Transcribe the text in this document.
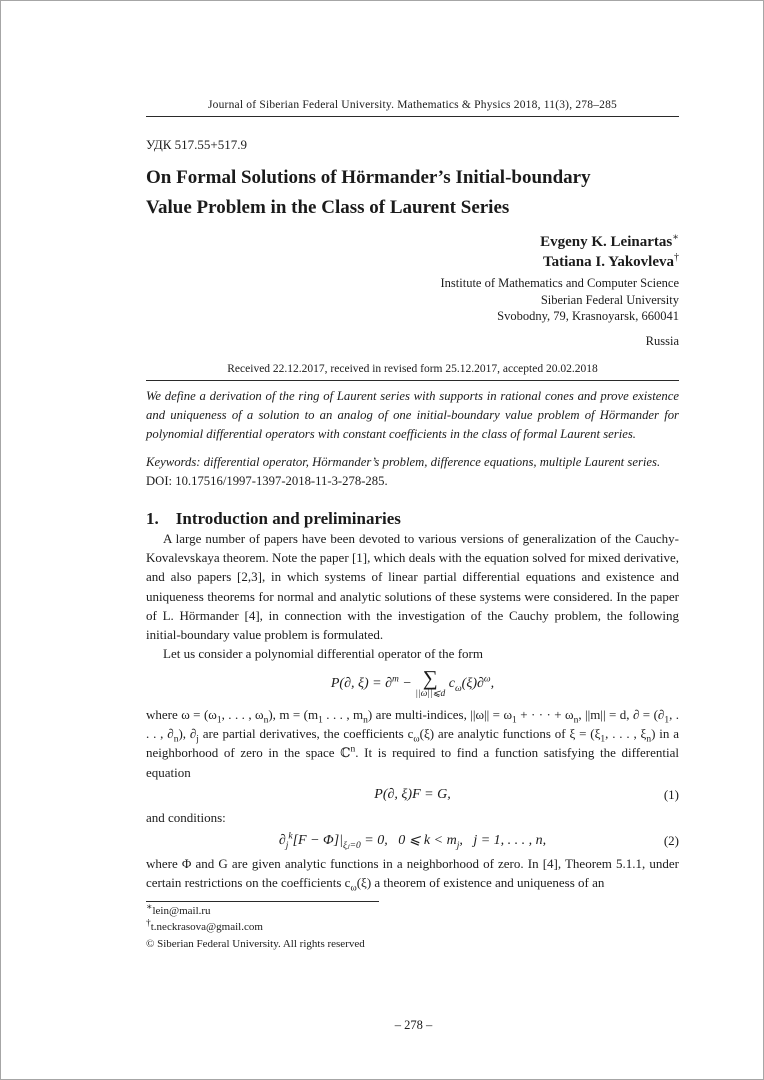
Journal of Siberian Federal University. Mathematics & Physics 2018, 11(3), 278–285
УДК 517.55+517.9
On Formal Solutions of Hörmander’s Initial-boundary
Value Problem in the Class of Laurent Series
Evgeny K. Leinartas∗
Tatiana I. Yakovleva†
Institute of Mathematics and Computer Science
Siberian Federal University
Svobodny, 79, Krasnoyarsk, 660041
Russia
Received 22.12.2017, received in revised form 25.12.2017, accepted 20.02.2018
We define a derivation of the ring of Laurent series with supports in rational cones and prove existence and uniqueness of a solution to an analog of one initial-boundary value problem of Hörmander for polynomial differential operators with constant coefficients in the class of formal Laurent series.
Keywords: differential operator, Hörmander’s problem, difference equations, multiple Laurent series.
DOI: 10.17516/1997-1397-2018-11-3-278-285.
1. Introduction and preliminaries

A large number of papers have been devoted to various versions of generalization of the Cauchy-Kovalevskaya theorem. Note the paper [1], which deals with the equation solved for mixed derivative, and also papers [2,3], in which systems of linear partial differential equations and existence and uniqueness theorems for normal and analytic solutions of these systems were considered. In the paper of L. Hörmander [4], in connection with the investigation of the Cauchy problem, the following initial-boundary value problem is formulated.

Let us consider a polynomial differential operator of the form

P(∂, ξ) = ∂$^m$ − ∑
||ω||⩽d
$c_\omega(\xi)\partial^\omega$,

where $\omega = (\omega_1$, . . . , $\omega_n$), $m = (m_1$ . . . , $m_n$) are multi-indices, $||\omega|| = \omega_1$ + · · · + $\omega_n$, ||m|| = d, ∂ = ($\partial_1$, . . . , $\partial_n$), $\partial_j$ are partial derivatives, the coefficients $c_\omega(\xi)$ are analytic functions of $\xi = (\xi_1$, . . . , $\xi_n$) in a neighborhood of zero in the space ℂ$^n$. It is required to find a function satisfying the differential equation

P(∂, ξ)F = G,	(1)

and conditions:

$\partial_j^k[F - \Phi]|_{\xi ⱼ=0} = 0$,  0 ⩽ $k < m_j$,  j = 1, . . . , n,	(2)

where Φ and G are given analytic functions in a neighborhood of zero. In [4], Theorem 5.1.1, under certain restrictions on the coefficients $c_\omega(\xi)$ a theorem of existence and uniqueness of an

∗lein@mail.ru
†t.neckrasova@gmail.com
© Siberian Federal University. All rights reserved
– 278 –
